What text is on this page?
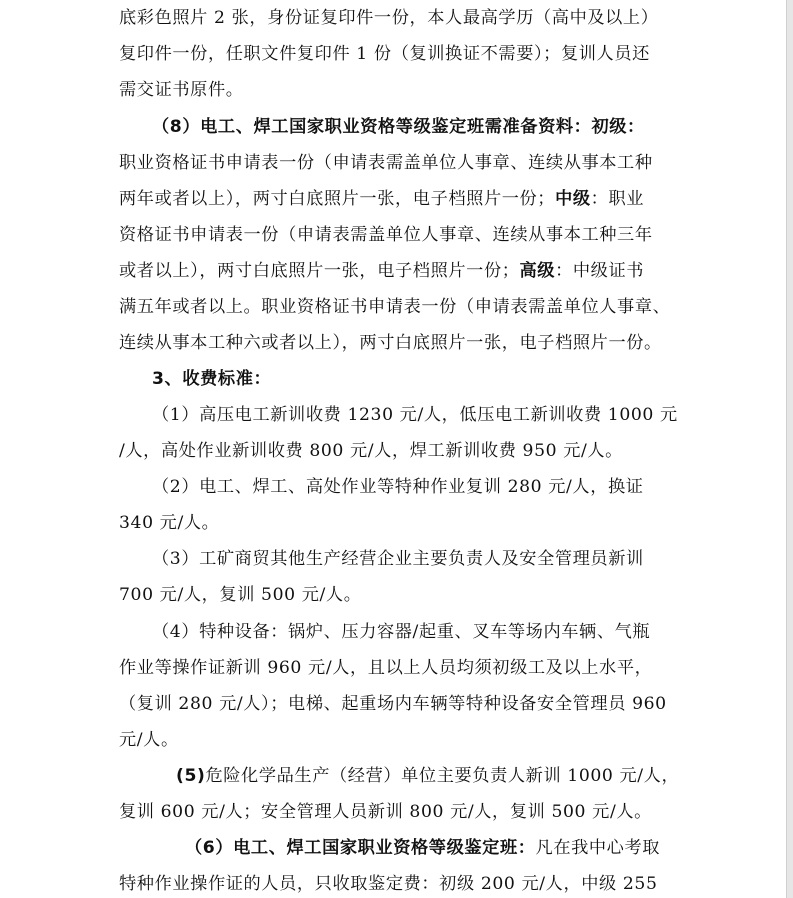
底彩色照片 2 张，身份证复印件一份，本人最高学历（高中及以上）
复印件一份，任职文件复印件 1 份（复训换证不需要）；复训人员还
需交证书原件。
（8）电工、焊工国家职业资格等级鉴定班需准备资料：初级：
职业资格证书申请表一份（申请表需盖单位人事章、连续从事本工种
两年或者以上），两寸白底照片一张，电子档照片一份；中级：职业
资格证书申请表一份（申请表需盖单位人事章、连续从事本工种三年
或者以上），两寸白底照片一张，电子档照片一份；高级：中级证书
满五年或者以上。职业资格证书申请表一份（申请表需盖单位人事章、
连续从事本工种六或者以上），两寸白底照片一张，电子档照片一份。
3、收费标准：
（1）高压电工新训收费 1230 元/人，低压电工新训收费 1000 元
/人，高处作业新训收费 800 元/人，焊工新训收费 950 元/人。
（2）电工、焊工、高处作业等特种作业复训 280 元/人，换证
340 元/人。
（3）工矿商贸其他生产经营企业主要负责人及安全管理员新训
700 元/人，复训 500 元/人。
（4）特种设备：锅炉、压力容器/起重、叉车等场内车辆、气瓶
作业等操作证新训 960 元/人，且以上人员均须初级工及以上水平，
（复训 280 元/人）；电梯、起重场内车辆等特种设备安全管理员 960
元/人。
(5)危险化学品生产（经营）单位主要负责人新训 1000 元/人，
复训 600 元/人；安全管理人员新训 800 元/人，复训 500 元/人。
（6）电工、焊工国家职业资格等级鉴定班：凡在我中心考取
特种作业操作证的人员，只收取鉴定费：初级 200 元/人，中级 255
